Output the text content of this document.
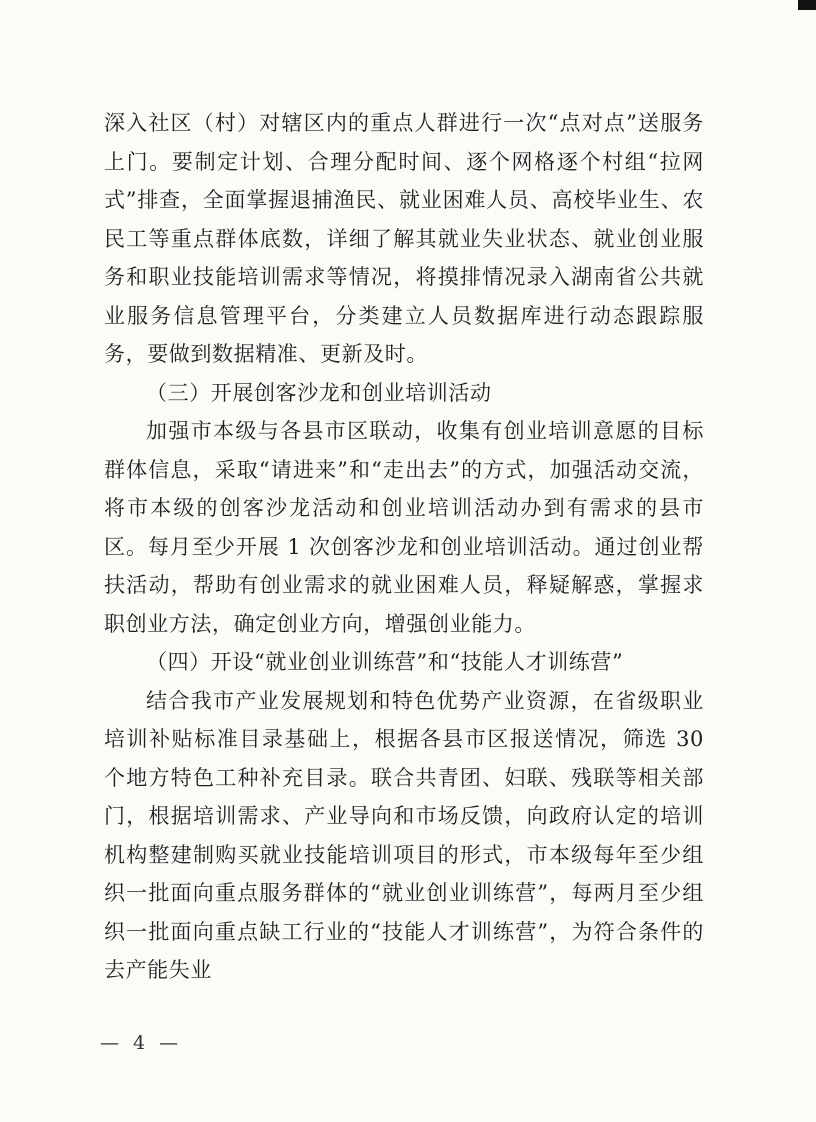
深入社区（村）对辖区内的重点人群进行一次“点对点”送服务上门。要制定计划、合理分配时间、逐个网格逐个村组“拉网式”排查，全面掌握退捕渔民、就业困难人员、高校毕业生、农民工等重点群体底数，详细了解其就业失业状态、就业创业服务和职业技能培训需求等情况，将摸排情况录入湖南省公共就业服务信息管理平台，分类建立人员数据库进行动态跟踪服务，要做到数据精准、更新及时。

（三）开展创客沙龙和创业培训活动

加强市本级与各县市区联动，收集有创业培训意愿的目标群体信息，采取“请进来”和“走出去”的方式，加强活动交流，将市本级的创客沙龙活动和创业培训活动办到有需求的县市区。每月至少开展 1 次创客沙龙和创业培训活动。通过创业帮扶活动，帮助有创业需求的就业困难人员，释疑解惑，掌握求职创业方法，确定创业方向，增强创业能力。

（四）开设“就业创业训练营”和“技能人才训练营”

结合我市产业发展规划和特色优势产业资源，在省级职业培训补贴标准目录基础上，根据各县市区报送情况，筛选 30 个地方特色工种补充目录。联合共青团、妇联、残联等相关部门，根据培训需求、产业导向和市场反馈，向政府认定的培训机构整建制购买就业技能培训项目的形式，市本级每年至少组织一批面向重点服务群体的“就业创业训练营”，每两月至少组织一批面向重点缺工行业的“技能人才训练营”，为符合条件的去产能失业

— 4 —
